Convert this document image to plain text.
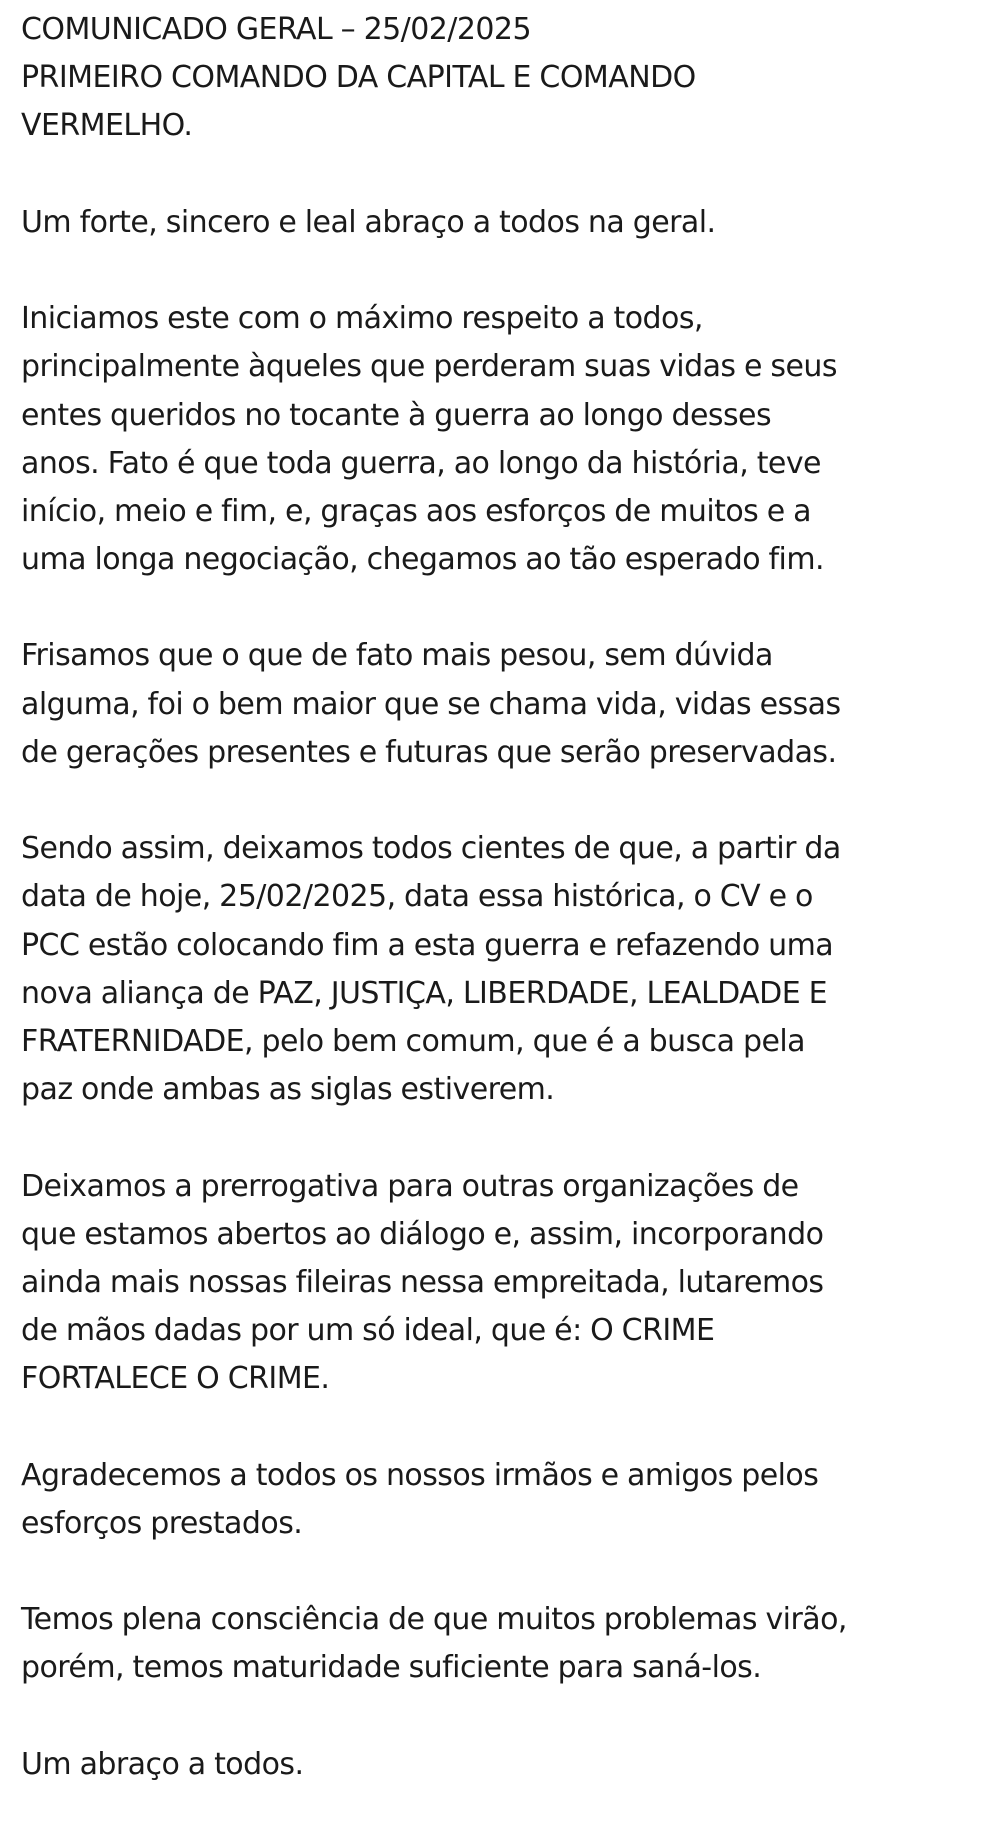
COMUNICADO GERAL – 25/02/2025
PRIMEIRO COMANDO DA CAPITAL E COMANDO
VERMELHO.
Um forte, sincero e leal abraço a todos na geral.
Iniciamos este com o máximo respeito a todos,
principalmente àqueles que perderam suas vidas e seus
entes queridos no tocante à guerra ao longo desses
anos. Fato é que toda guerra, ao longo da história, teve
início, meio e fim, e, graças aos esforços de muitos e a
uma longa negociação, chegamos ao tão esperado fim.
Frisamos que o que de fato mais pesou, sem dúvida
alguma, foi o bem maior que se chama vida, vidas essas
de gerações presentes e futuras que serão preservadas.
Sendo assim, deixamos todos cientes de que, a partir da
data de hoje, 25/02/2025, data essa histórica, o CV e o
PCC estão colocando fim a esta guerra e refazendo uma
nova aliança de PAZ, JUSTIÇA, LIBERDADE, LEALDADE E
FRATERNIDADE, pelo bem comum, que é a busca pela
paz onde ambas as siglas estiverem.
Deixamos a prerrogativa para outras organizações de
que estamos abertos ao diálogo e, assim, incorporando
ainda mais nossas fileiras nessa empreitada, lutaremos
de mãos dadas por um só ideal, que é: O CRIME
FORTALECE O CRIME.
Agradecemos a todos os nossos irmãos e amigos pelos
esforços prestados.
Temos plena consciência de que muitos problemas virão,
porém, temos maturidade suficiente para saná-los.
Um abraço a todos.
